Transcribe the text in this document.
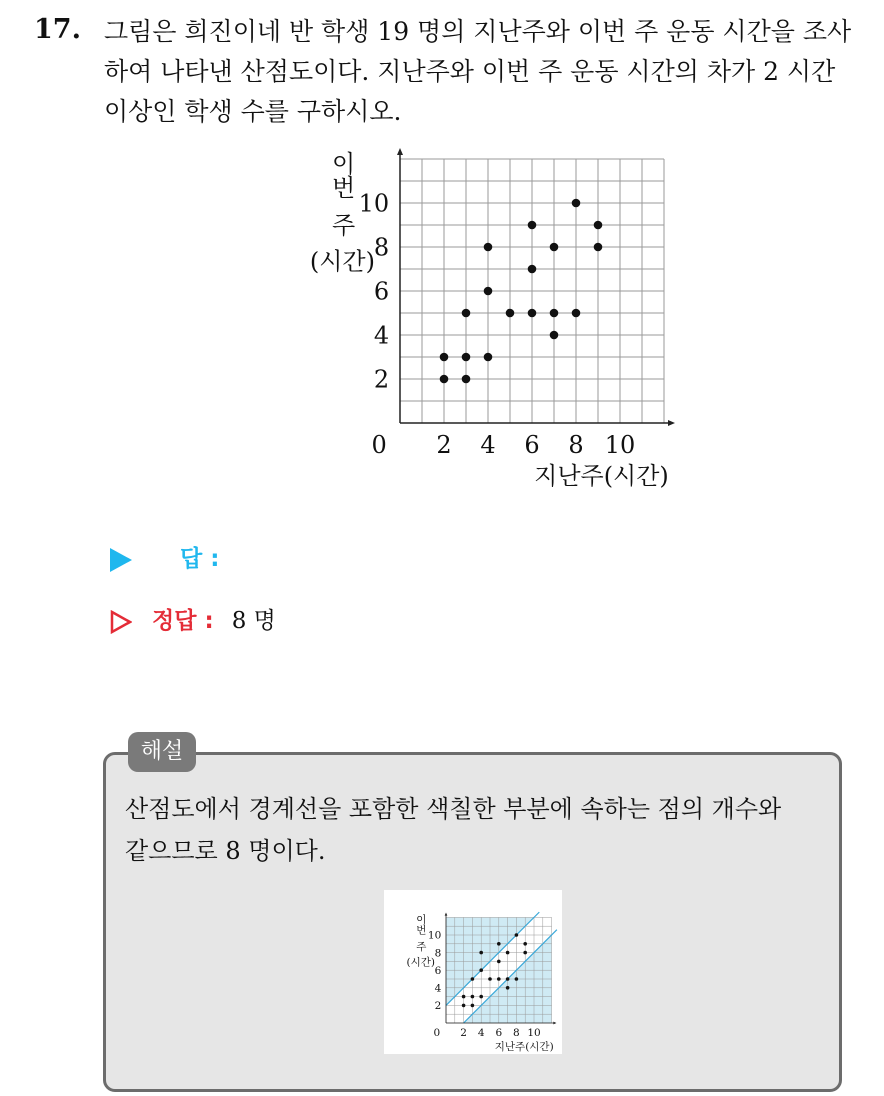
17. 그림은 희진이네 반 학생 19 명의 지난주와 이번 주 운동 시간을 조사
하여 나타낸 산점도이다. 지난주와 이번 주 운동 시간의 차가 2 시간
이상인 학생 수를 구하시오.
2 4 6 8 10
2
4
6
8
10
0
지난주(시간)
이
번
주
(시간)
답 :
정답 : 8 명
해설
산점도에서 경계선을 포함한 색칠한 부분에 속하는 점의 개수와
같으므로 8 명이다.
2 4 6 8 10
2
4
6
8
10
0
지난주(시간)
이
번
주
(시간)
